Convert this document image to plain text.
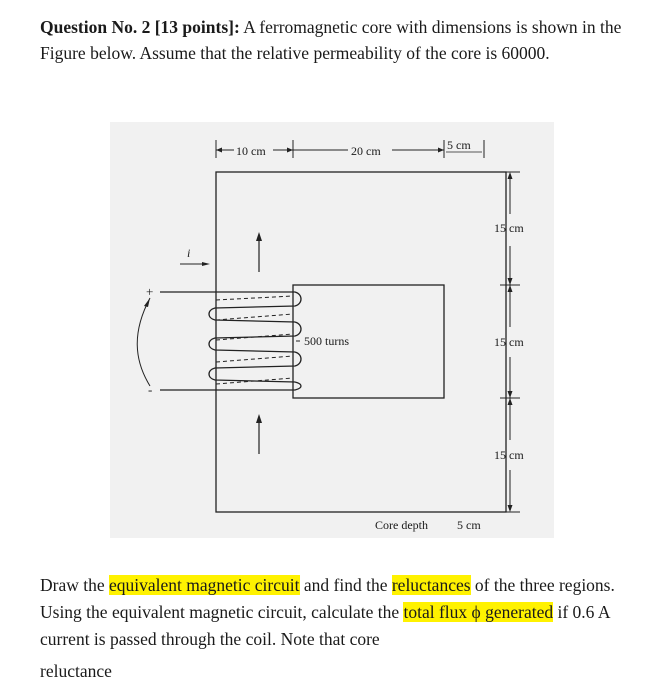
Question No. 2 [13 points]: A ferromagnetic core with dimensions is shown in the Figure below. Assume that the relative permeability of the core is 60000.
10 cm	20 cm	5 cm
15 cm
15 cm
15 cm
i
+
-
500 turns
Core depth 5 cm
Draw the equivalent magnetic circuit and find the reluctances of the three regions. Using the equivalent magnetic circuit, calculate the total flux ϕ generated if 0.6 A current is passed through the coil. Note that core
reluctance
